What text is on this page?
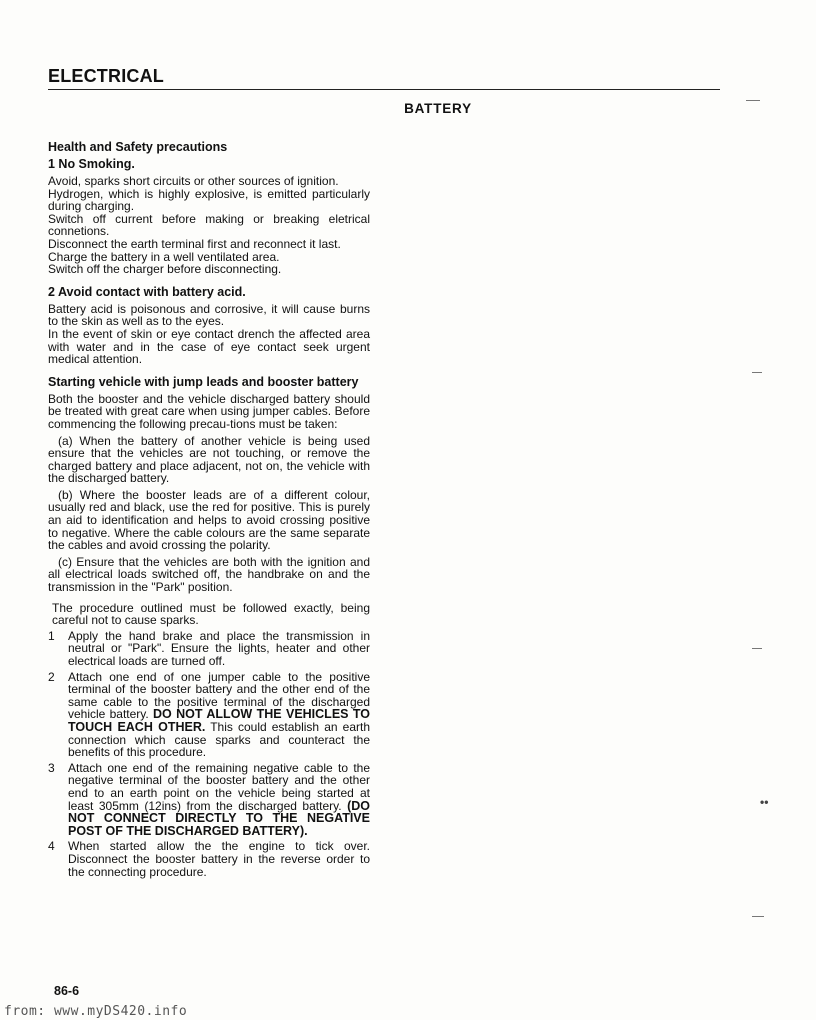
ELECTRICAL
BATTERY
••

Health and Safety precautions

1 No Smoking.

Avoid, sparks short circuits or other sources of ignition.

Hydrogen, which is highly explosive, is emitted particularly during charging.

Switch off current before making or breaking eletrical connetions.

Disconnect the earth terminal first and reconnect it last.

Charge the battery in a well ventilated area.

Switch off the charger before disconnecting.

2 Avoid contact with battery acid.

Battery acid is poisonous and corrosive, it will cause burns to the skin as well as to the eyes.

In the event of skin or eye contact drench the affected area with water and in the case of eye contact seek urgent medical attention.

Starting vehicle with jump leads and booster battery

Both the booster and the vehicle discharged battery should be treated with great care when using jumper cables. Before commencing the following precau-tions must be taken:

(a) When the battery of another vehicle is being used ensure that the vehicles are not touching, or remove the charged battery and place adjacent, not on, the vehicle with the discharged battery.

(b) Where the booster leads are of a different colour, usually red and black, use the red for positive. This is purely an aid to identification and helps to avoid crossing positive to negative. Where the cable colours are the same separate the cables and avoid crossing the polarity.

(c) Ensure that the vehicles are both with the ignition and all electrical loads switched off, the handbrake on and the transmission in the "Park" position.

The procedure outlined must be followed exactly, being careful not to cause sparks.

1	Apply the hand brake and place the transmission in neutral or "Park". Ensure the lights, heater and other electrical loads are turned off.
2	Attach one end of one jumper cable to the positive terminal of the booster battery and the other end of the same cable to the positive terminal of the discharged vehicle battery. DO NOT ALLOW THE VEHICLES TO TOUCH EACH OTHER. This could establish an earth connection which cause sparks and counteract the benefits of this procedure.
3	Attach one end of the remaining negative cable to the negative terminal of the booster battery and the other end to an earth point on the vehicle being started at least 305mm (12ins) from the discharged battery. (DO NOT CONNECT DIRECTLY TO THE NEGATIVE POST OF THE DISCHARGED BATTERY).
4	When started allow the the engine to tick over. Disconnect the booster battery in the reverse order to the connecting procedure.
86-6
from: www.myDS420.info
